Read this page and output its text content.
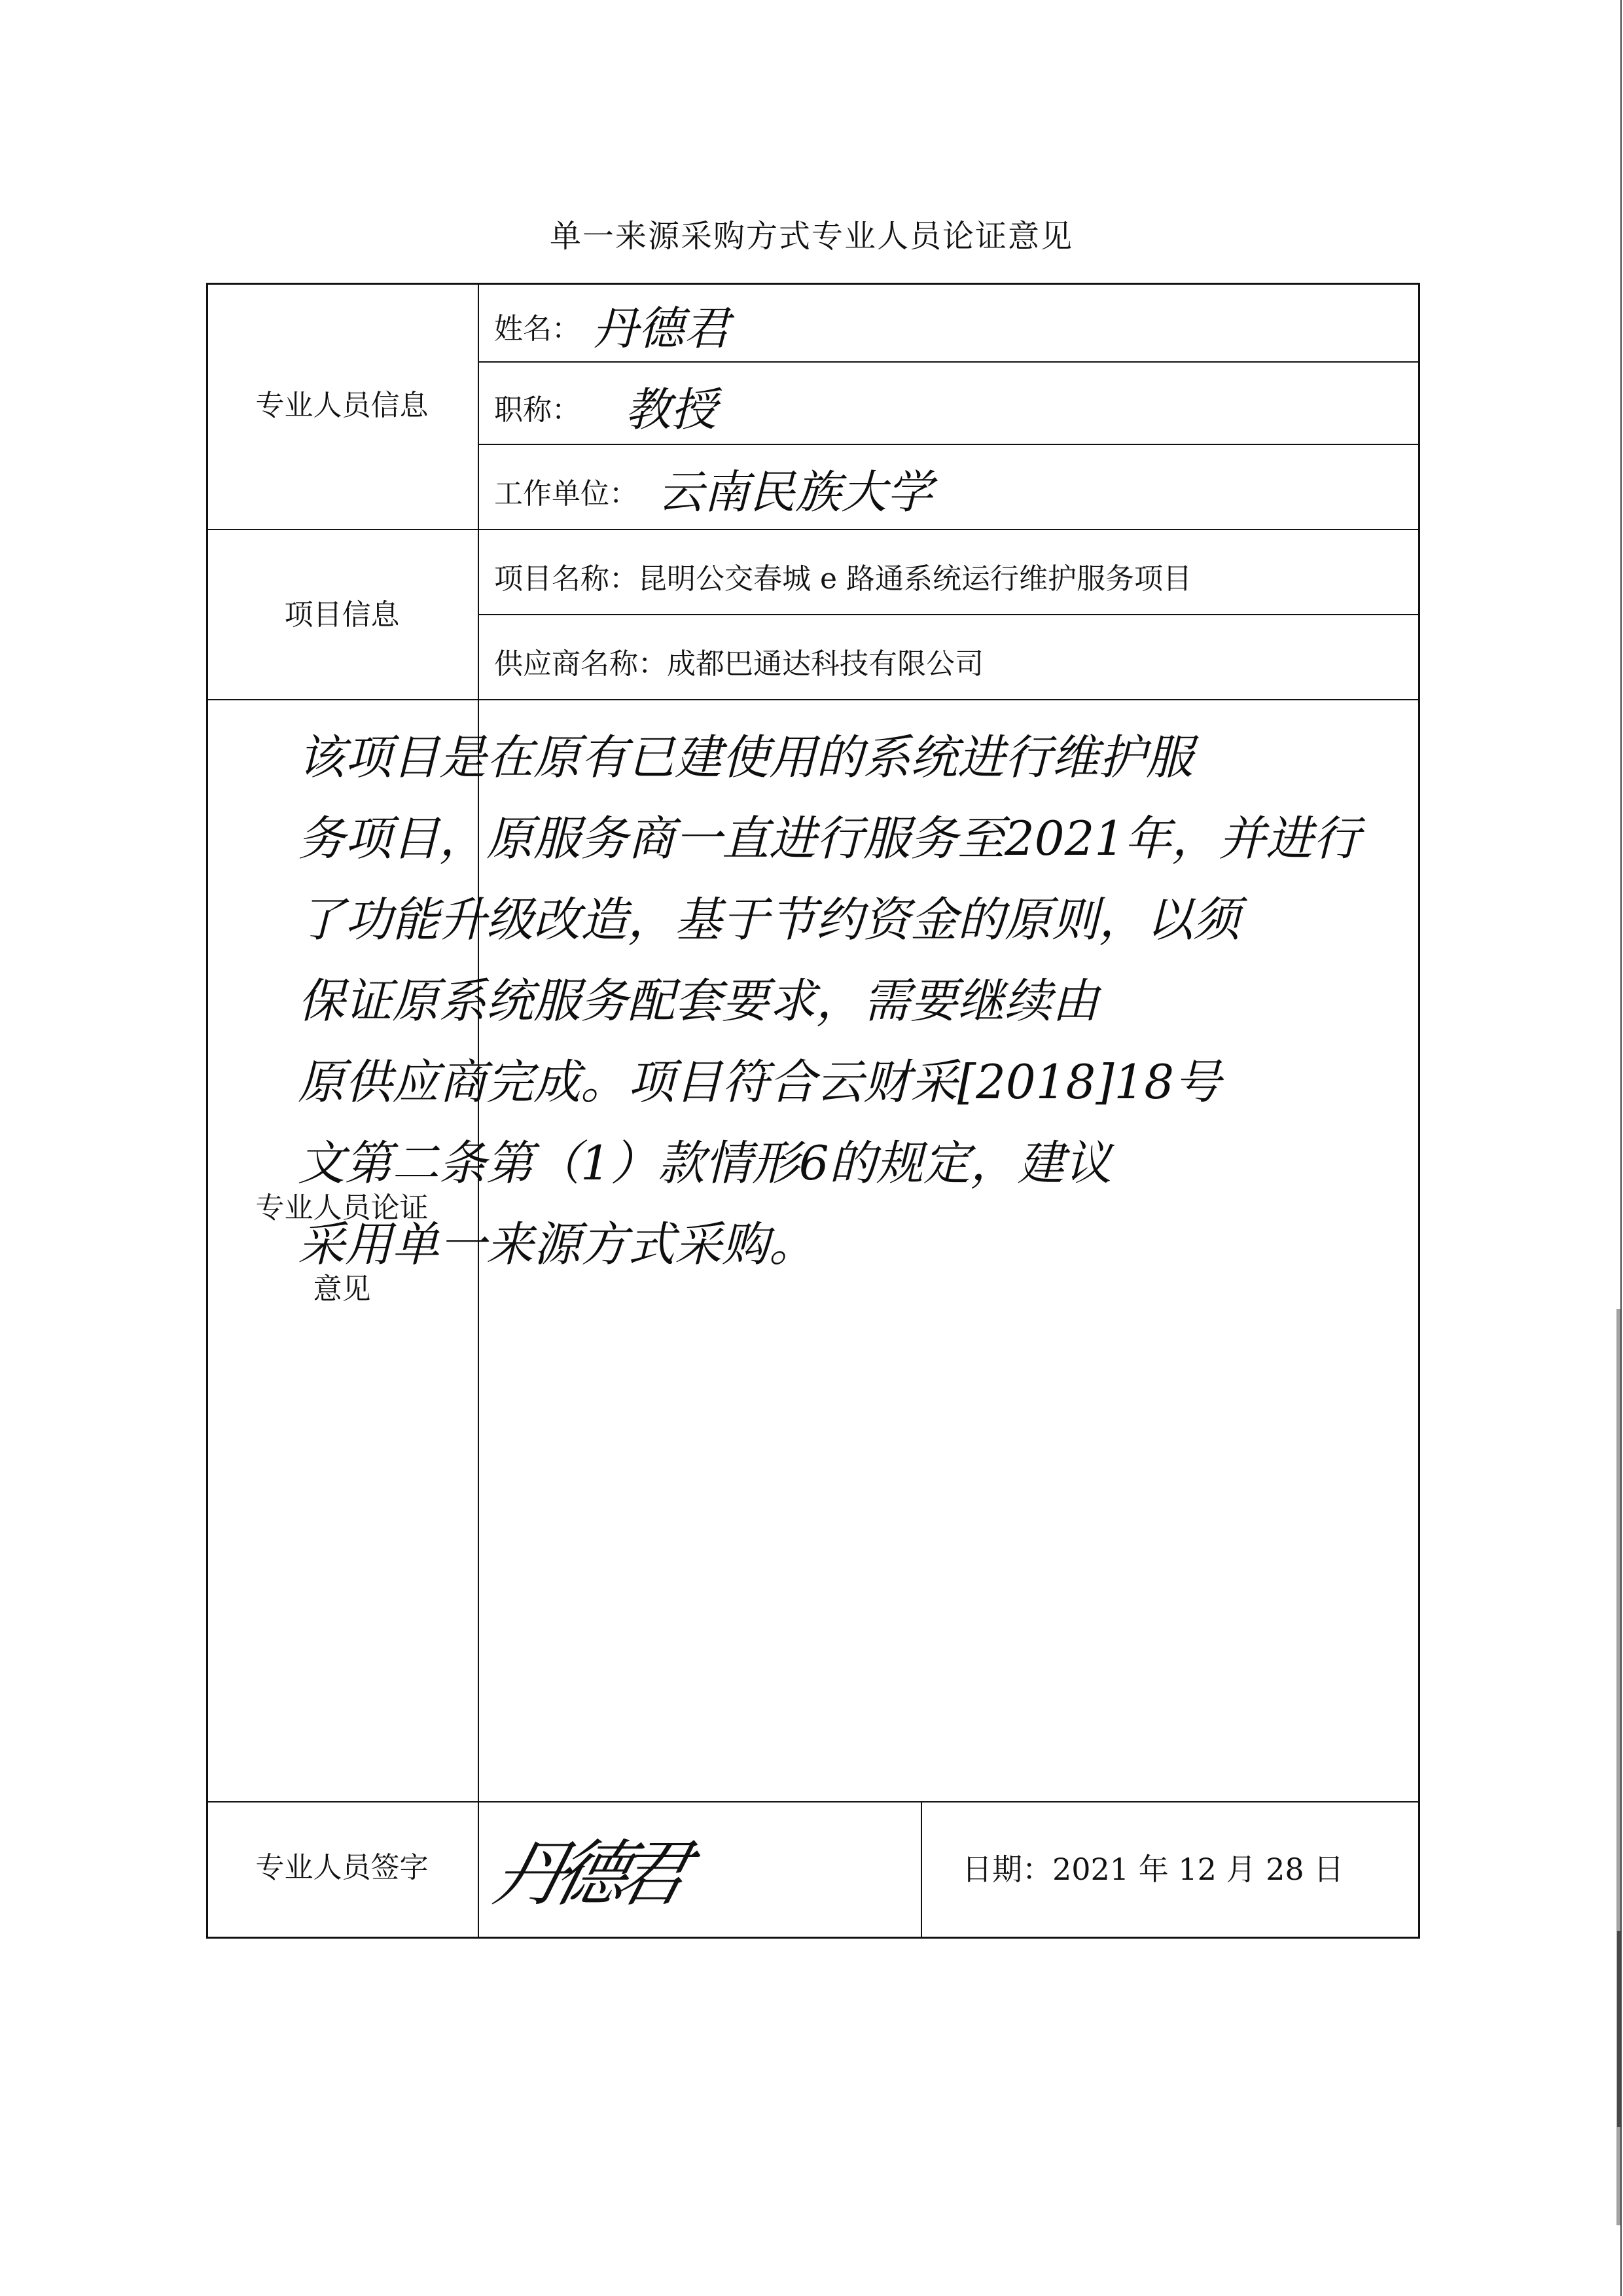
单一来源采购方式专业人员论证意见
专业人员信息
项目信息
专业人员论证
意见
专业人员签字
姓名： 丹德君
职称： 教授
工作单位： 云南民族大学
项目名称：昆明公交春城 e 路通系统运行维护服务项目
供应商名称：成都巴通达科技有限公司
该项目是在原有已建使用的系统进行维护服
务项目，原服务商一直进行服务至2021年，并进行
了功能升级改造，基于节约资金的原则，以须
保证原系统服务配套要求，需要继续由
原供应商完成。项目符合云财采[2018]18号
文第二条第（1）款情形6的规定，建议
采用单一来源方式采购。
丹德君	日期：2021 年 12 月 28 日
